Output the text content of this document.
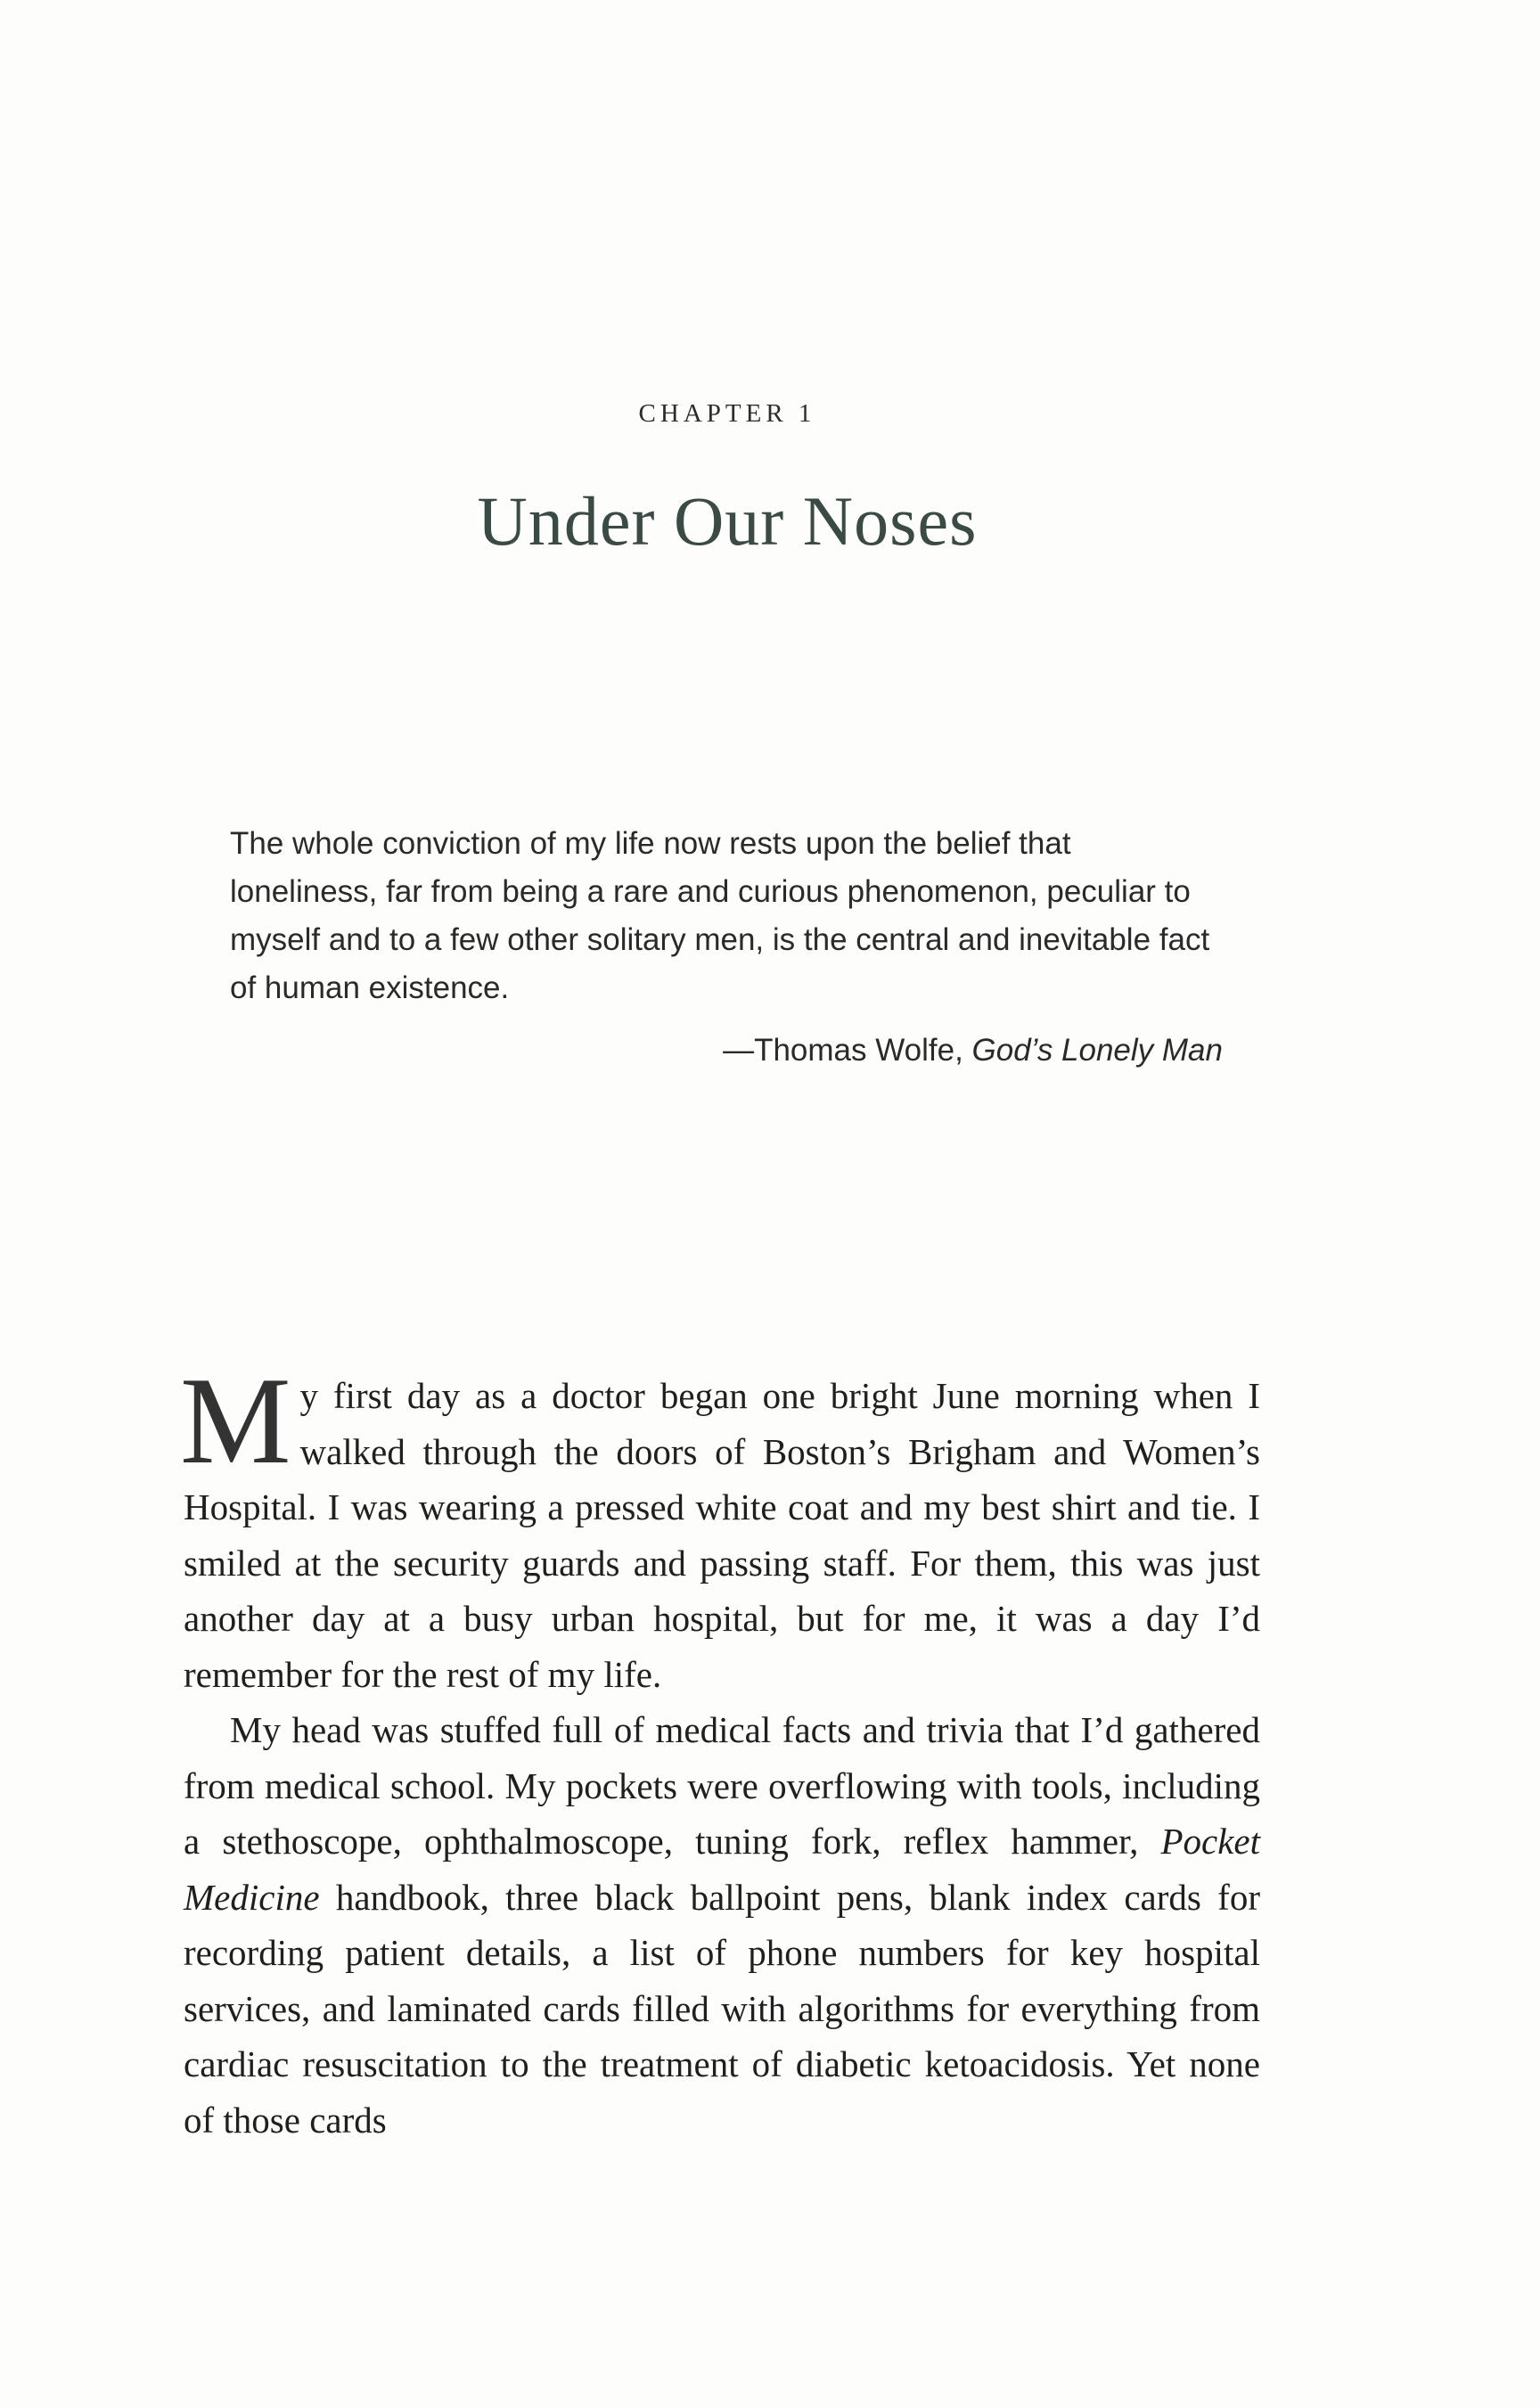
CHAPTER 1
Under Our Noses

The whole conviction of my life now rests upon the belief that loneliness, far from being a rare and curious phenomenon, peculiar to myself and to a few other solitary men, is the central and inevitable fact of human existence.

—Thomas Wolfe, God’s Lonely Man

My first day as a doctor began one bright June morning when I walked through the doors of Boston’s Brigham and Women’s Hospital. I was wearing a pressed white coat and my best shirt and tie. I smiled at the security guards and passing staff. For them, this was just another day at a busy urban hospital, but for me, it was a day I’d remember for the rest of my life.

My head was stuffed full of medical facts and trivia that I’d gathered from medical school. My pockets were overflowing with tools, including a stethoscope, ophthalmoscope, tuning fork, reflex hammer, Pocket Medicine handbook, three black ballpoint pens, blank index cards for recording patient details, a list of phone numbers for key hospital services, and laminated cards filled with algorithms for everything from cardiac resuscitation to the treatment of diabetic ketoacidosis. Yet none of those cards
